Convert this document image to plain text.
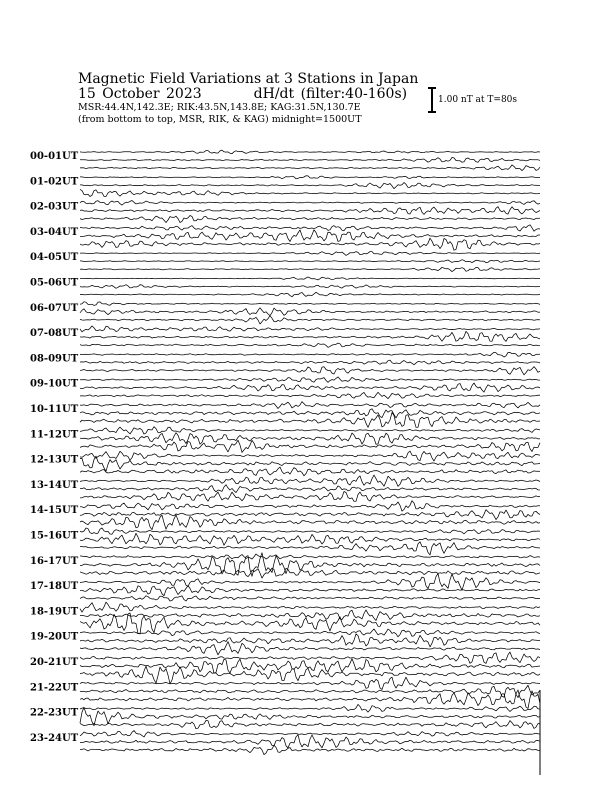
Magnetic Field Variations at 3 Stations in Japan
15 October 2023	dH/dt (filter:40-160s)
MSR:44.4N,142.3E; RIK:43.5N,143.8E; KAG:31.5N,130.7E
(from bottom to top, MSR, RIK, & KAG) midnight=1500UT
1.00 nT at T=80s
00-01UT
01-02UT
02-03UT
03-04UT
04-05UT
05-06UT
06-07UT
07-08UT
08-09UT
09-10UT
10-11UT
11-12UT
12-13UT
13-14UT
14-15UT
15-16UT
16-17UT
17-18UT
18-19UT
19-20UT
20-21UT
21-22UT
22-23UT
23-24UT
